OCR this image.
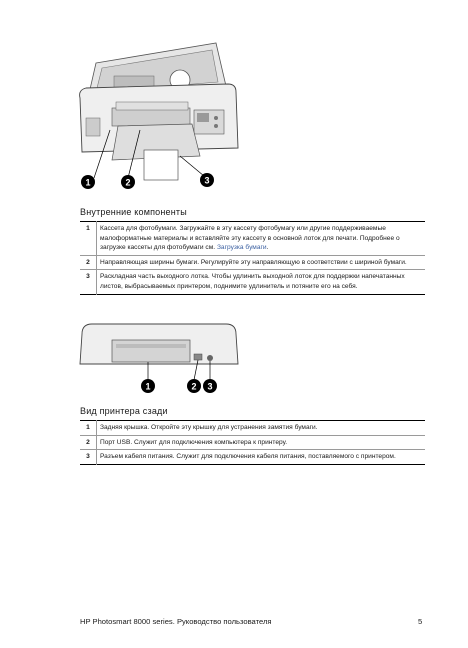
1	2	3
Внутренние компоненты
1	Кассета для фотобумаги. Загружайте в эту кассету фотобумагу или другие поддерживаемые малоформатные материалы и вставляйте эту кассету в основной лоток для печати. Подробнее о загрузке кассеты для фотобумаги см. Загрузка бумаги.
2	Направляющая ширины бумаги. Регулируйте эту направляющую в соответствии с шириной бумаги.
3	Раскладная часть выходного лотка. Чтобы удлинить выходной лоток для поддержки напечатанных листов, выбрасываемых принтером, поднимите удлинитель и потяните его на себя.
1	2 3
Вид принтера сзади
1	Задняя крышка. Откройте эту крышку для устранения замятия бумаги.
2	Порт USB. Служит для подключения компьютера к принтеру.
3	Разъем кабеля питания. Служит для подключения кабеля питания, поставляемого с принтером.
HP Photosmart 8000 series. Руководство пользователя	5
